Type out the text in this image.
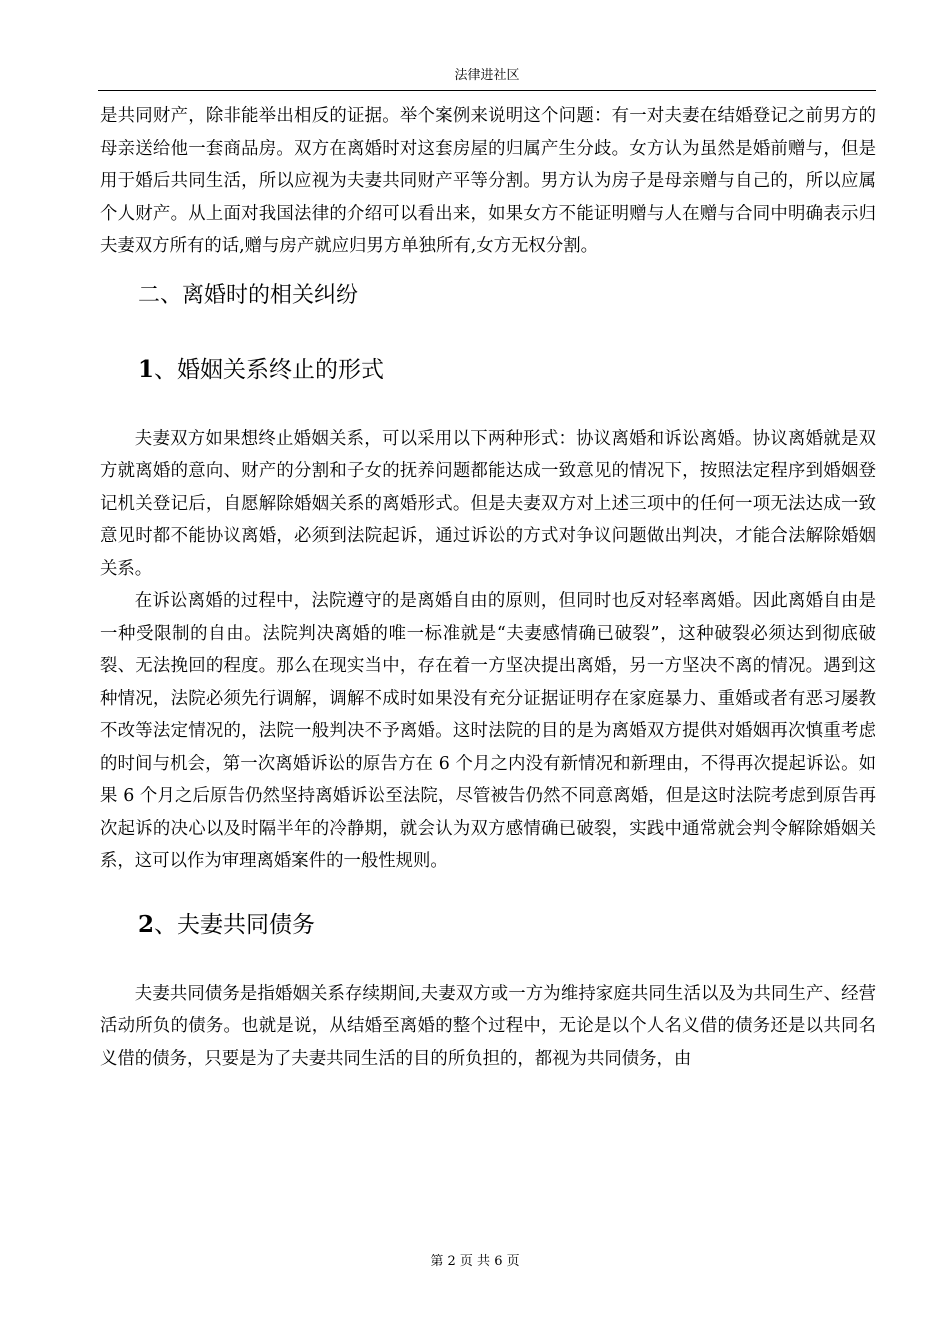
法律进社区

是共同财产，除非能举出相反的证据。举个案例来说明这个问题：有一对夫妻在结婚登记之前男方的母亲送给他一套商品房。双方在离婚时对这套房屋的归属产生分歧。女方认为虽然是婚前赠与，但是用于婚后共同生活，所以应视为夫妻共同财产平等分割。男方认为房子是母亲赠与自己的，所以应属个人财产。从上面对我国法律的介绍可以看出来，如果女方不能证明赠与人在赠与合同中明确表示归夫妻双方所有的话,赠与房产就应归男方单独所有,女方无权分割。

二、离婚时的相关纠纷
1、婚姻关系终止的形式

夫妻双方如果想终止婚姻关系，可以采用以下两种形式：协议离婚和诉讼离婚。协议离婚就是双方就离婚的意向、财产的分割和子女的抚养问题都能达成一致意见的情况下，按照法定程序到婚姻登记机关登记后，自愿解除婚姻关系的离婚形式。但是夫妻双方对上述三项中的任何一项无法达成一致意见时都不能协议离婚，必须到法院起诉，通过诉讼的方式对争议问题做出判决，才能合法解除婚姻关系。

在诉讼离婚的过程中，法院遵守的是离婚自由的原则，但同时也反对轻率离婚。因此离婚自由是一种受限制的自由。法院判决离婚的唯一标准就是“夫妻感情确已破裂”，这种破裂必须达到彻底破裂、无法挽回的程度。那么在现实当中，存在着一方坚决提出离婚，另一方坚决不离的情况。遇到这种情况，法院必须先行调解，调解不成时如果没有充分证据证明存在家庭暴力、重婚或者有恶习屡教不改等法定情况的，法院一般判决不予离婚。这时法院的目的是为离婚双方提供对婚姻再次慎重考虑的时间与机会，第一次离婚诉讼的原告方在 6 个月之内没有新情况和新理由，不得再次提起诉讼。如果 6 个月之后原告仍然坚持离婚诉讼至法院，尽管被告仍然不同意离婚，但是这时法院考虑到原告再次起诉的决心以及时隔半年的冷静期，就会认为双方感情确已破裂，实践中通常就会判令解除婚姻关系，这可以作为审理离婚案件的一般性规则。

2、夫妻共同债务

夫妻共同债务是指婚姻关系存续期间,夫妻双方或一方为维持家庭共同生活以及为共同生产、经营活动所负的债务。也就是说，从结婚至离婚的整个过程中，无论是以个人名义借的债务还是以共同名义借的债务，只要是为了夫妻共同生活的目的所负担的，都视为共同债务，由

第 2 页 共 6 页
